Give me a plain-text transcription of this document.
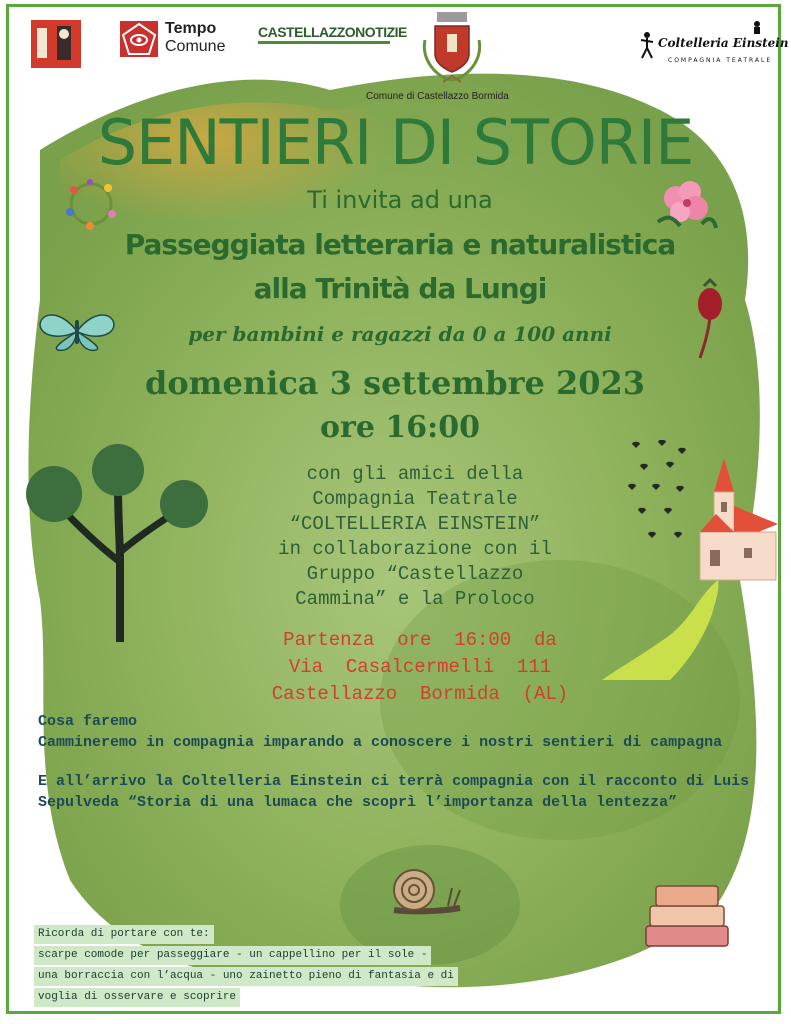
Tempo
Comune
CASTELLAZZONOTIZIE
Comune di Castellazzo Bormida
Coltelleria Einstein
COMPAGNIA TEATRALE
SENTIERI DI STORIE
Ti invita ad una
Passeggiata letteraria e naturalistica
alla Trinità da Lungi
per bambini e ragazzi da 0 a 100 anni
domenica 3 settembre 2023
ore 16:00
con gli amici della
Compagnia Teatrale
“COLTELLERIA EINSTEIN”
in collaborazione con il
Gruppo “Castellazzo
Cammina” e la Proloco
Partenza  ore  16:00  da
Via  Casalcermelli  111
Castellazzo  Bormida  (AL)
Cosa faremo
Cammineremo in compagnia imparando a conoscere i nostri sentieri di campagna
E all’arrivo la Coltelleria Einstein ci terrà compagnia con il racconto di Luis Sepulveda “Storia di una lumaca che scoprì l’importanza della lentezza”
Ricorda di portare con te:
scarpe comode per passeggiare - un cappellino per il sole -
una borraccia con l’acqua - uno zainetto pieno di fantasia e di
voglia di osservare e scoprire
